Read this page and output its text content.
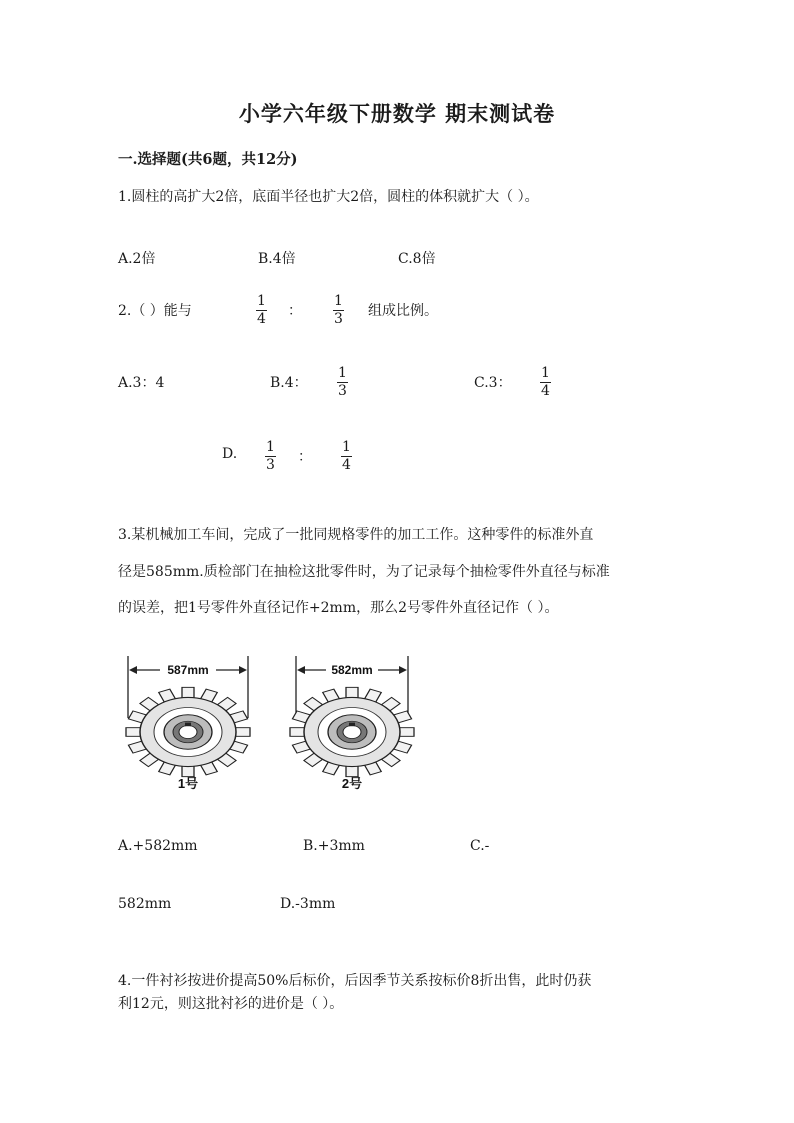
小学六年级下册数学 期末测试卷
一.选择题(共6题，共12分)
1.圆柱的高扩大2倍，底面半径也扩大2倍，圆柱的体积就扩大（ ）。
A.2倍	B.4倍	C.8倍
2.（ ）能与
1
4 ：
1
3 组成比例。
A.3：4	B.4：
1
3	C.3：
1
4
D. 1
3 ：
1
4
3.某机械加工车间，完成了一批同规格零件的加工工作。这种零件的标准外直
径是585mm.质检部门在抽检这批零件时，为了记录每个抽检零件外直径与标准
的误差，把1号零件外直径记作+2mm，那么2号零件外直径记作（ ）。
587mm
1号
582mm
2号
A.+582mm	B.+3mm	C.-
582mm	D.-3mm
4.一件衬衫按进价提高50%后标价，后因季节关系按标价8折出售，此时仍获
利12元，则这批衬衫的进价是（ ）。
